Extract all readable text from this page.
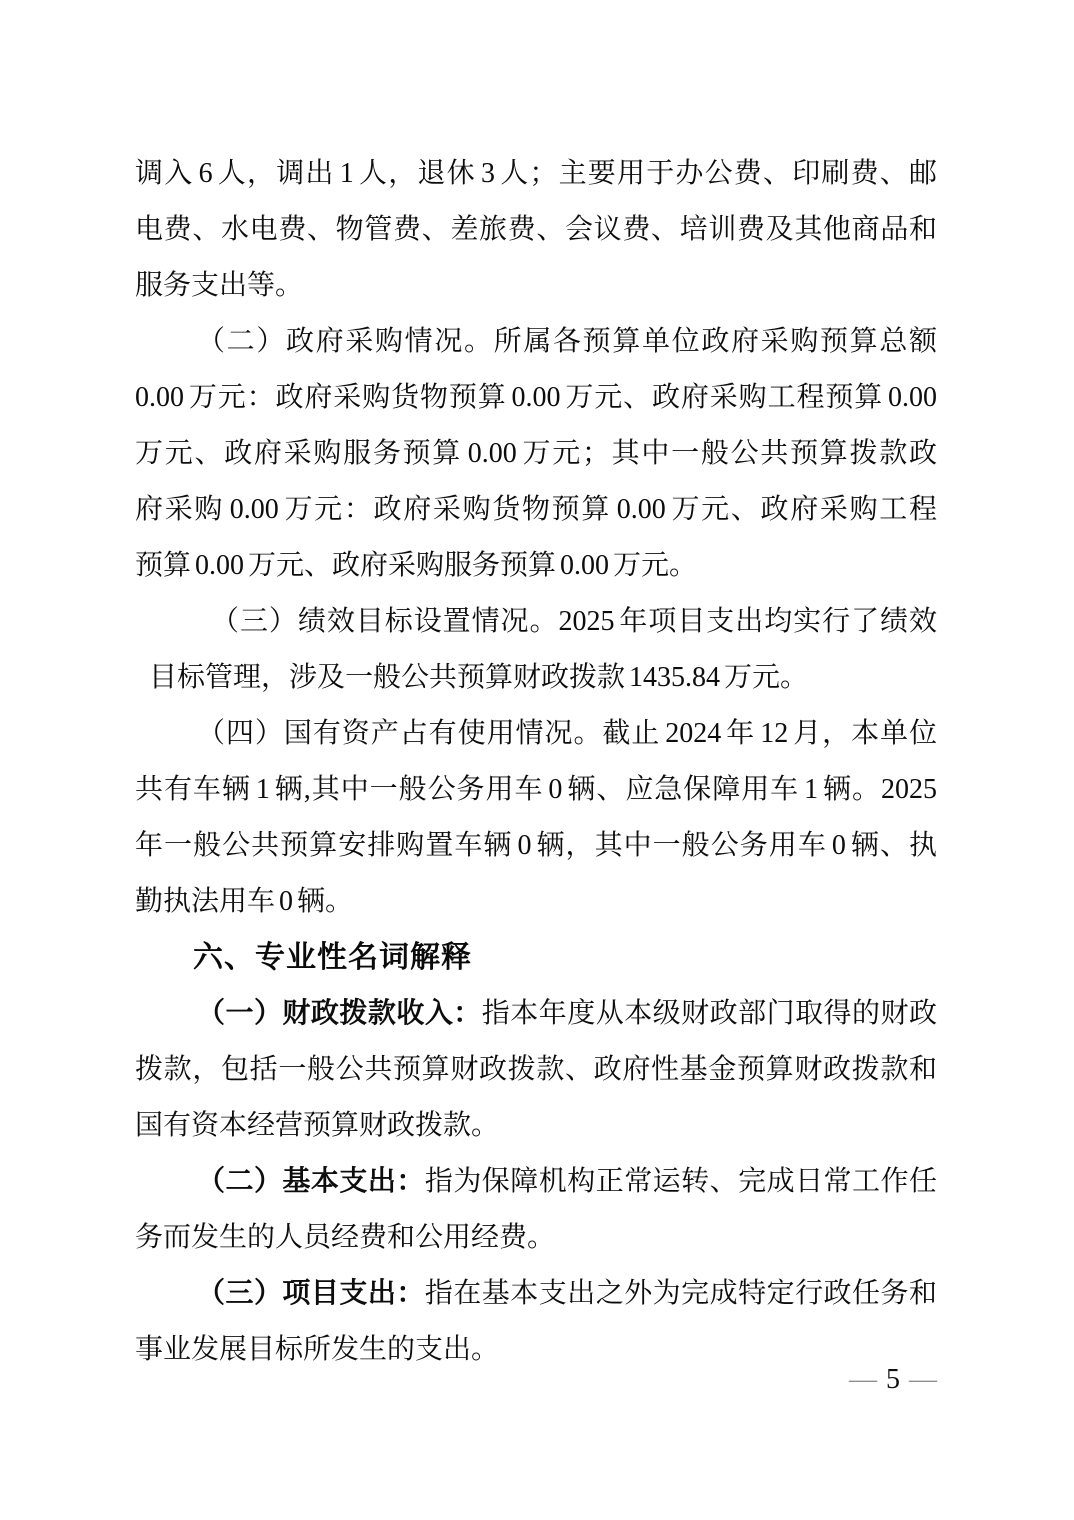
调入 6 人，调出 1 人，退休 3 人；主要用于办公费、印刷费、邮
电费、水电费、物管费、差旅费、会议费、培训费及其他商品和
服务支出等。
（二）政府采购情况。所属各预算单位政府采购预算总额
0.00 万元：政府采购货物预算 0.00 万元、政府采购工程预算 0.00
万元、政府采购服务预算 0.00 万元；其中一般公共预算拨款政
府采购 0.00 万元：政府采购货物预算 0.00 万元、政府采购工程
预算 0.00 万元、政府采购服务预算 0.00 万元。
（三）绩效目标设置情况。2025 年项目支出均实行了绩效
目标管理，涉及一般公共预算财政拨款 1435.84 万元。
（四）国有资产占有使用情况。截止 2024 年 12 月，本单位
共有车辆 1 辆,其中一般公务用车 0 辆、应急保障用车 1 辆。2025
年一般公共预算安排购置车辆 0 辆，其中一般公务用车 0 辆、执
勤执法用车 0 辆。
六、专业性名词解释
（一）财政拨款收入：指本年度从本级财政部门取得的财政
拨款，包括一般公共预算财政拨款、政府性基金预算财政拨款和
国有资本经营预算财政拨款。
（二）基本支出：指为保障机构正常运转、完成日常工作任
务而发生的人员经费和公用经费。
（三）项目支出：指在基本支出之外为完成特定行政任务和
事业发展目标所发生的支出。
— 5 —
